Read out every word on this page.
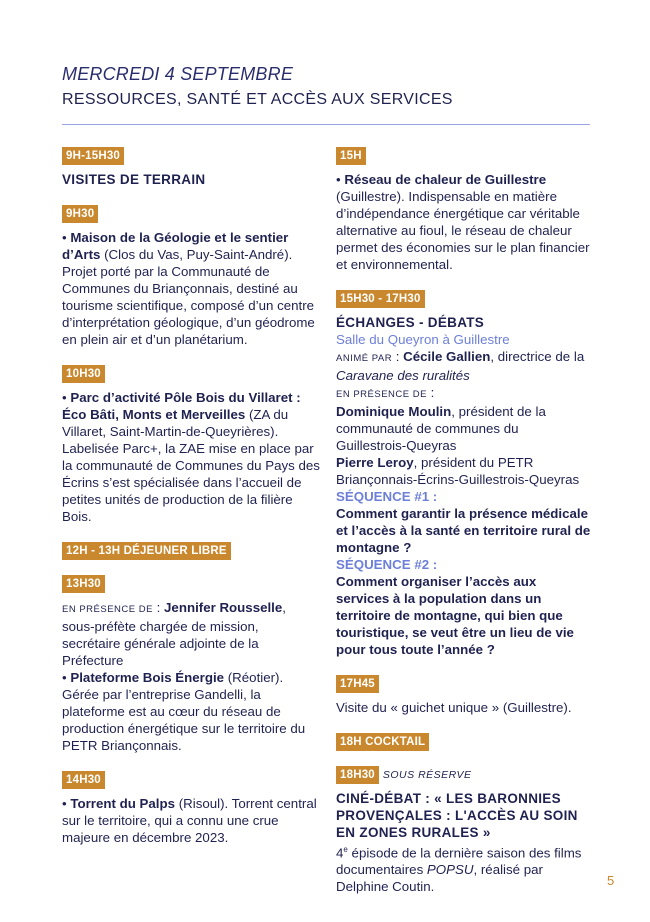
MERCREDI 4 SEPTEMBRE
RESSOURCES, SANTÉ ET ACCÈS AUX SERVICES
9H-15H30
VISITES DE TERRAIN
9H30

• Maison de la Géologie et le sentier d’Arts (Clos du Vas, Puy-Saint-André). Projet porté par la Communauté de Communes du Briançonnais, destiné au tourisme scientifique, composé d’un centre d’interprétation géologique, d’un géodrome en plein air et d’un planétarium.

10H30

• Parc d’activité Pôle Bois du Villaret : Éco Bâti, Monts et Merveilles (ZA du Villaret, Saint-Martin-de-Queyrières). Labelisée Parc+, la ZAE mise en place par la communauté de Communes du Pays des Écrins s’est spécialisée dans l’accueil de petites unités de production de la filière Bois.

12H - 13H DÉJEUNER LIBRE
13H30

EN PRÉSENCE DE : Jennifer Rousselle, sous-préfète chargée de mission, secrétaire générale adjointe de la Préfecture

• Plateforme Bois Énergie (Réotier). Gérée par l’entreprise Gandelli, la plateforme est au cœur du réseau de production énergétique sur le territoire du PETR Briançonnais.

14H30

• Torrent du Palps (Risoul). Torrent central sur le territoire, qui a connu une crue majeure en décembre 2023.

15H

• Réseau de chaleur de Guillestre (Guillestre). Indispensable en matière d’indépendance énergétique car véritable alternative au fioul, le réseau de chaleur permet des économies sur le plan financier et environnemental.

15H30 - 17H30
ÉCHANGES - DÉBATS
Salle du Queyron à Guillestre

ANIMÉ PAR : Cécile Gallien, directrice de la Caravane des ruralités

EN PRÉSENCE DE :

Dominique Moulin, président de la communauté de communes du Guillestrois-Queyras

Pierre Leroy, président du PETR Briançonnais-Écrins-Guillestrois-Queyras

SÉQUENCE #1 :
Comment garantir la présence médicale et l’accès à la santé en territoire rural de montagne ?
SÉQUENCE #2 :
Comment organiser l’accès aux services à la population dans un territoire de montagne, qui bien que touristique, se veut être un lieu de vie pour tous toute l’année ?
17H45

Visite du « guichet unique » (Guillestre).

18H COCKTAIL
18H30 SOUS RÉSERVE
CINÉ-DÉBAT : « LES BARONNIES PROVENÇALES : L'ACCÈS AU SOIN EN ZONES RURALES »

4e épisode de la dernière saison des films documentaires POPSU, réalisé par Delphine Coutin.	5
